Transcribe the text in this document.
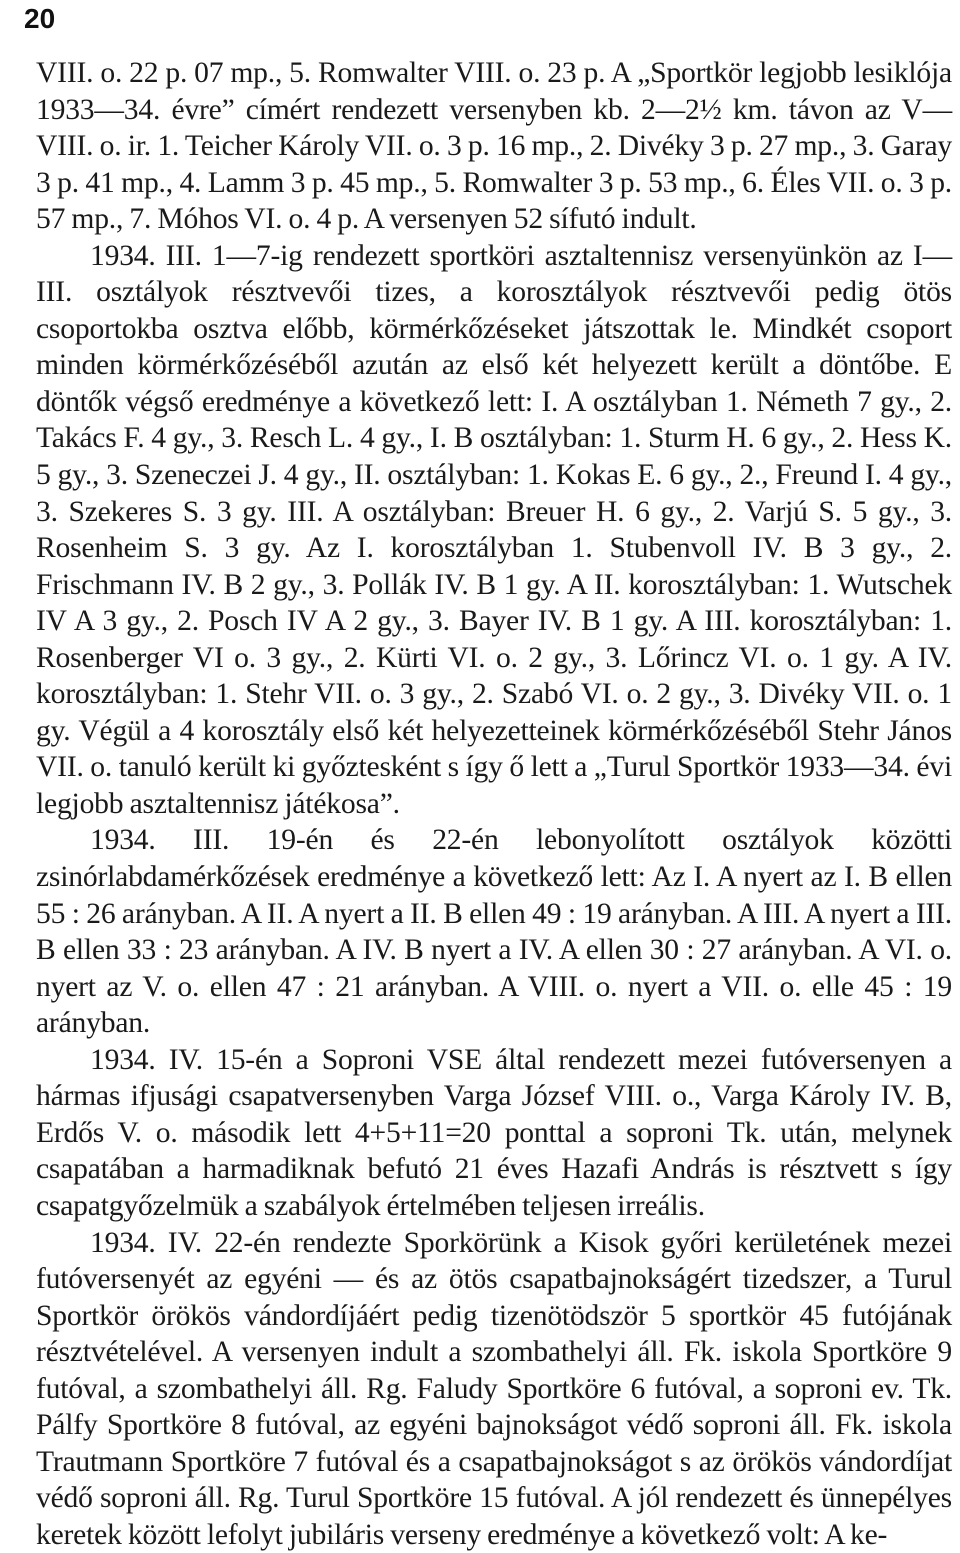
20

VIII. o. 22 p. 07 mp., 5. Romwalter VIII. o. 23 p. A „Sportkör legjobb lesiklója 1933—34. évre” címért rendezett versenyben kb. 2—2½ km. távon az V—VIII. o. ir. 1. Teicher Károly VII. o. 3 p. 16 mp., 2. Divéky 3 p. 27 mp., 3. Garay 3 p. 41 mp., 4. Lamm 3 p. 45 mp., 5. Romwalter 3 p. 53 mp., 6. Éles VII. o. 3 p. 57 mp., 7. Móhos VI. o. 4 p. A versenyen 52 sífutó indult.

1934. III. 1—7-ig rendezett sportköri asztaltennisz versenyünkön az I—III. osztályok résztvevői tizes, a korosztályok résztvevői pedig ötös csoportokba osztva előbb, körmérkőzéseket játszottak le. Mindkét csoport minden körmérkőzéséből azután az első két helyezett került a döntőbe. E döntők végső eredménye a következő lett: I. A osztályban 1. Németh 7 gy., 2. Takács F. 4 gy., 3. Resch L. 4 gy., I. B osztályban: 1. Sturm H. 6 gy., 2. Hess K. 5 gy., 3. Szeneczei J. 4 gy., II. osztályban: 1. Kokas E. 6 gy., 2., Freund I. 4 gy., 3. Szekeres S. 3 gy. III. A osztályban: Breuer H. 6 gy., 2. Varjú S. 5 gy., 3. Rosenheim S. 3 gy. Az I. korosztályban 1. Stubenvoll IV. B 3 gy., 2. Frischmann IV. B 2 gy., 3. Pollák IV. B 1 gy. A II. korosztályban: 1. Wutschek IV A 3 gy., 2. Posch IV A 2 gy., 3. Bayer IV. B 1 gy. A III. korosztályban: 1. Rosenberger VI o. 3 gy., 2. Kürti VI. o. 2 gy., 3. Lőrincz VI. o. 1 gy. A IV. korosztályban: 1. Stehr VII. o. 3 gy., 2. Szabó VI. o. 2 gy., 3. Divéky VII. o. 1 gy. Végül a 4 korosztály első két helyezetteinek körmérkőzéséből Stehr János VII. o. tanuló került ki győztesként s így ő lett a „Turul Sportkör 1933—34. évi legjobb asztaltennisz játékosa”.

1934. III. 19-én és 22-én lebonyolított osztályok közötti zsinórlabdamérkőzések eredménye a következő lett: Az I. A nyert az I. B ellen 55 : 26 arányban. A II. A nyert a II. B ellen 49 : 19 arányban. A III. A nyert a III. B ellen 33 : 23 arányban. A IV. B nyert a IV. A ellen 30 : 27 arányban. A VI. o. nyert az V. o. ellen 47 : 21 arányban. A VIII. o. nyert a VII. o. elle 45 : 19 arányban.

1934. IV. 15-én a Soproni VSE által rendezett mezei futóversenyen a hármas ifjusági csapatversenyben Varga József VIII. o., Varga Károly IV. B, Erdős V. o. második lett 4+5+11=20 ponttal a soproni Tk. után, melynek csapatában a harmadiknak befutó 21 éves Hazafi András is résztvett s így csapatgyőzelmük a szabályok értelmében teljesen irreális.

1934. IV. 22-én rendezte Sporkörünk a Kisok győri kerületének mezei futóversenyét az egyéni — és az ötös csapatbajnokságért tizedszer, a Turul Sportkör örökös vándordíjáért pedig tizenötödször 5 sportkör 45 futójának résztvételével. A versenyen indult a szombathelyi áll. Fk. iskola Sportköre 9 futóval, a szombathelyi áll. Rg. Faludy Sportköre 6 futóval, a soproni ev. Tk. Pálfy Sportköre 8 futóval, az egyéni bajnokságot védő soproni áll. Fk. iskola Trautmann Sportköre 7 futóval és a csapatbajnokságot s az örökös vándordíjat védő soproni áll. Rg. Turul Sportköre 15 futóval. A jól rendezett és ünnepélyes keretek között lefolyt jubiláris verseny eredménye a következő volt: A ke-
